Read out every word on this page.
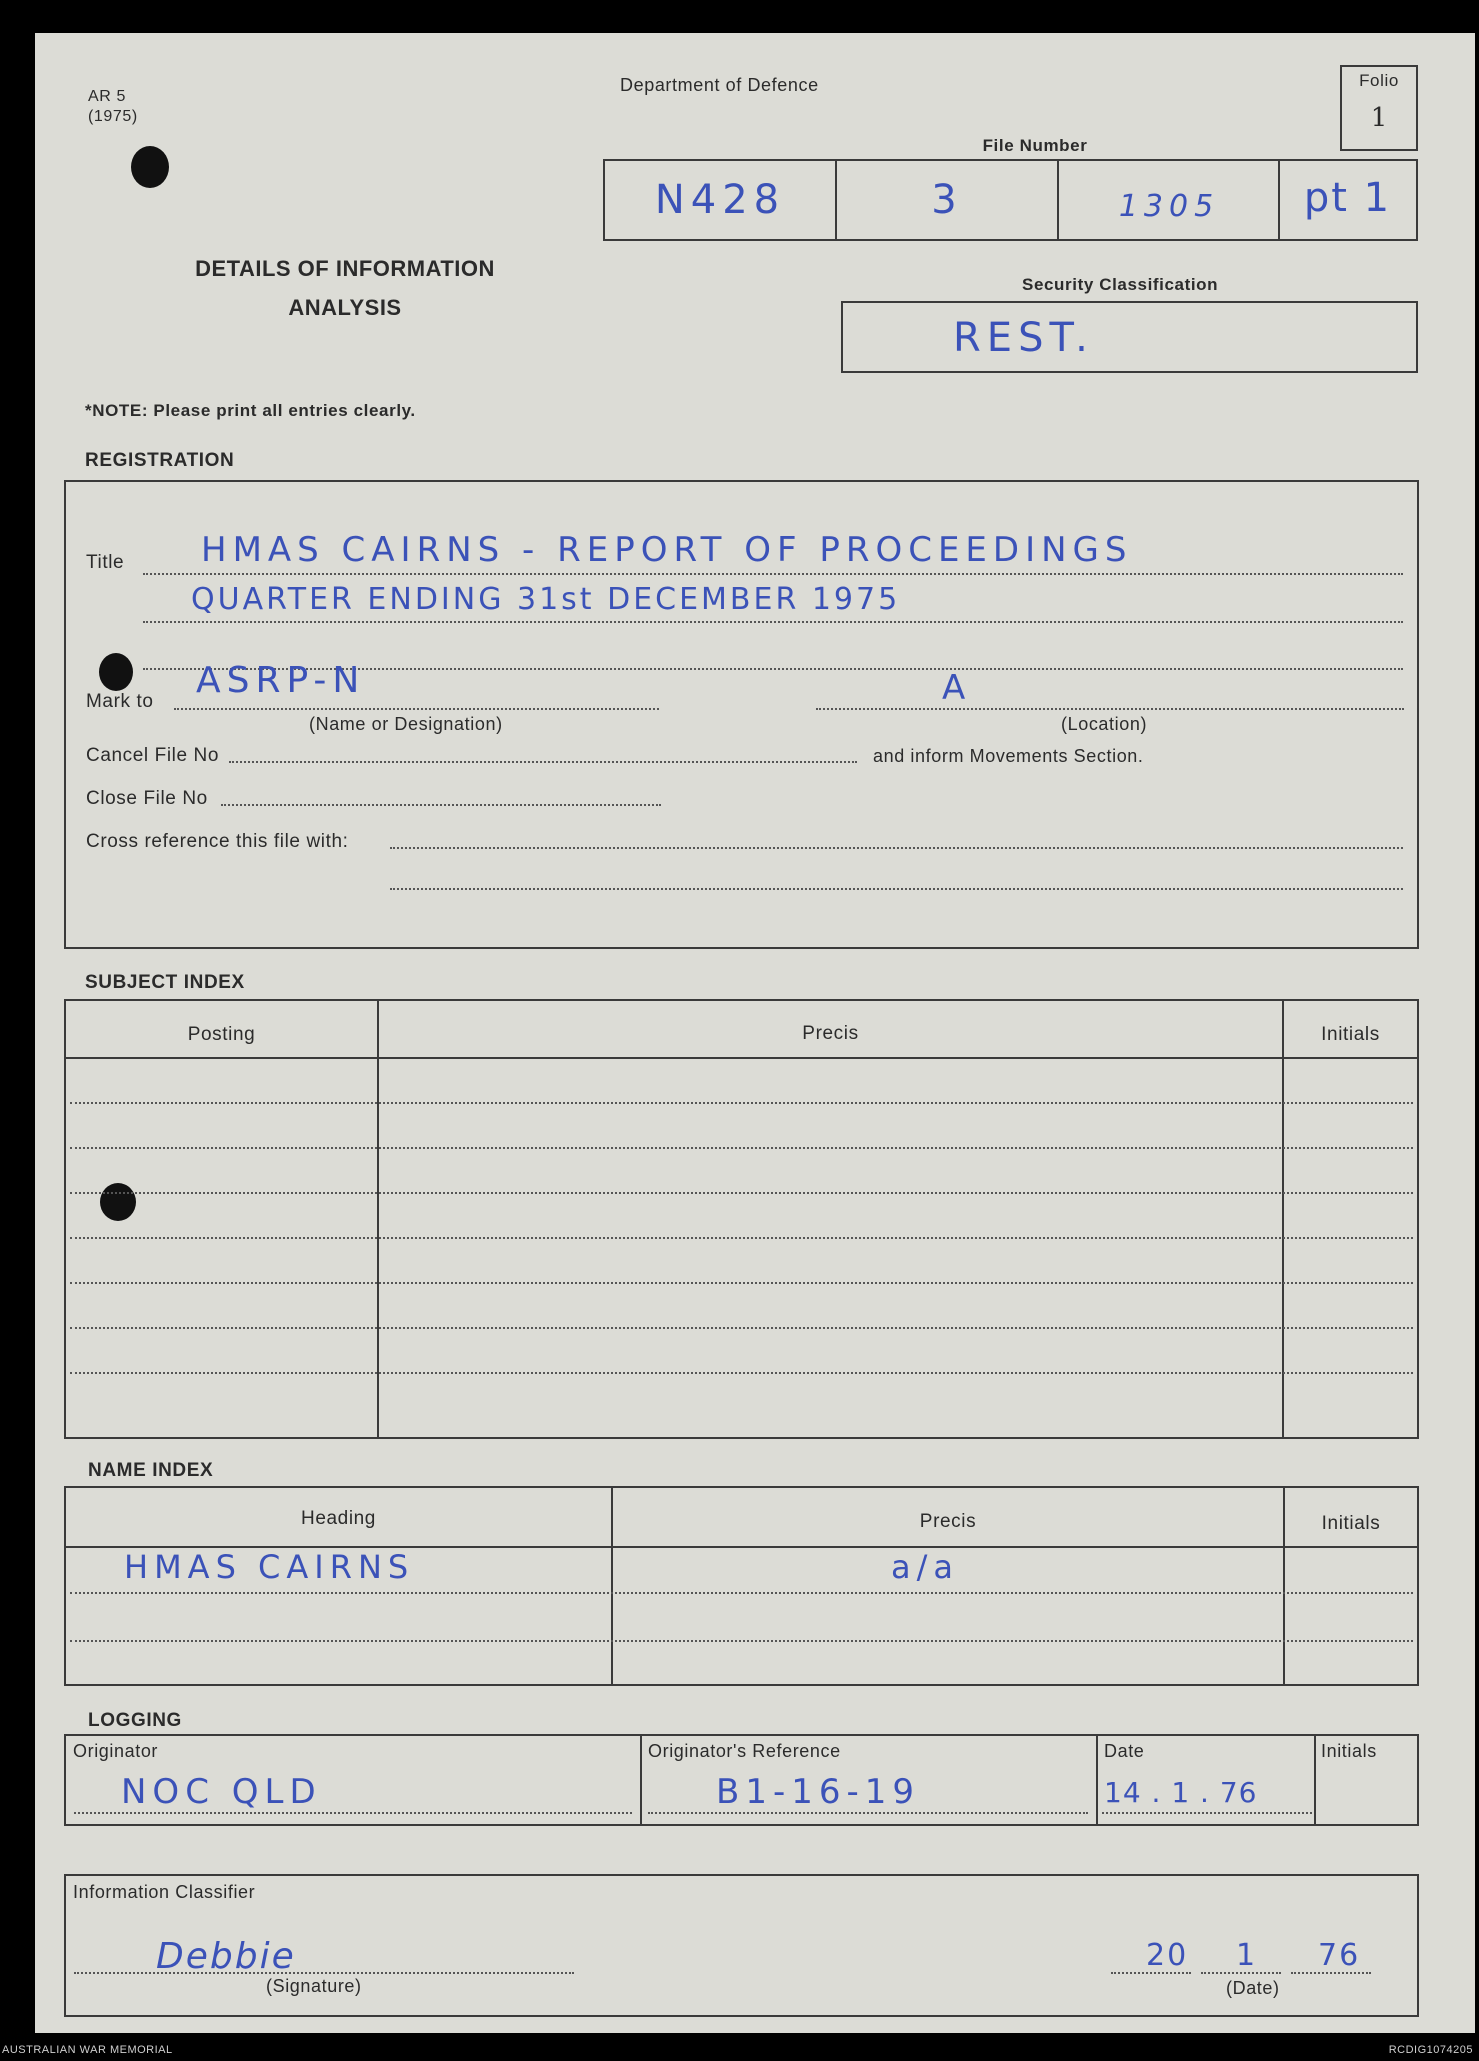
AR 5
(1975)
Department of Defence	Folio
1
File Number
N428	3	1305	pt 1
DETAILS OF INFORMATION
ANALYSIS
Security Classification
REST.
*NOTE: Please print all entries clearly.
REGISTRATION
Title HMAS CAIRNS - REPORT OF PROCEEDINGS
QUARTER ENDING 31st DECEMBER 1975
Mark to
ASRP-N
(Name or Designation)
A
(Location)
Cancel File No	and inform Movements Section.
Close File No
Cross reference this file with:
SUBJECT INDEX
Posting	Precis	Initials
NAME INDEX
Heading	Precis	Initials
HMAS CAIRNS	a/a
LOGGING
Originator
NOC QLD
Originator's Reference
B1-16-19
Date
14 . 1 . 76
Initials
Information Classifier
Debbie
(Signature)
20 1 76
(Date)
AUSTRALIAN WAR MEMORIAL	RCDIG1074205
